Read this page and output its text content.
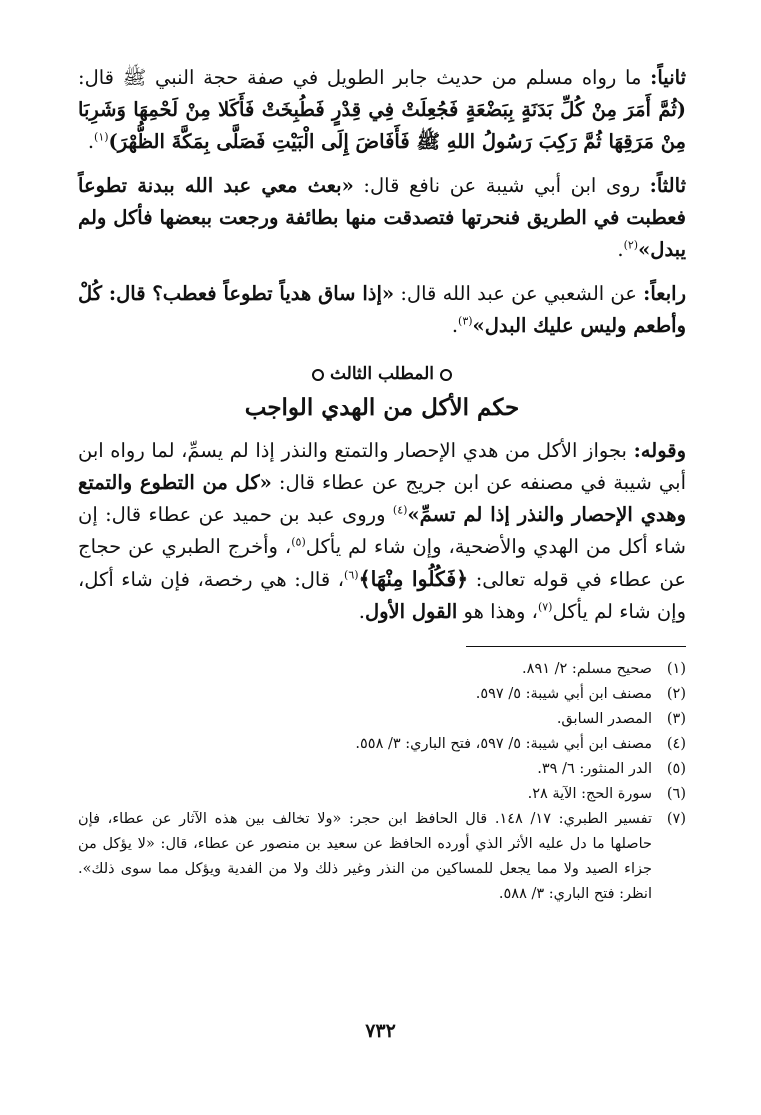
ثانياً: ما رواه مسلم من حديث جابر الطويل في صفة حجة النبي ﷺ قال: (ثُمَّ أَمَرَ مِنْ كُلِّ بَدَنَةٍ بِبَضْعَةٍ فَجُعِلَتْ فِي قِدْرٍ فَطُبِخَتْ فَأَكَلا مِنْ لَحْمِهَا وَشَرِبَا مِنْ مَرَقِهَا ثُمَّ رَكِبَ رَسُولُ اللهِ ﷺ فَأَفَاضَ إِلَى الْبَيْتِ فَصَلَّى بِمَكَّةَ الظُّهْرَ)$^{(١)}$.

ثالثاً: روى ابن أبي شيبة عن نافع قال: «بعث معي عبد الله ببدنة تطوعاً فعطبت في الطريق فنحرتها فتصدقت منها بطائفة ورجعت ببعضها فأكل ولم يبدل»$^{(٢)}$.

رابعاً: عن الشعبي عن عبد الله قال: «إذا ساق هدياً تطوعاً فعطب؟ قال: كُلْ وأطعم وليس عليك البدل»$^{(٣)}$.

المطلب الثالث
حكم الأكل من الهدي الواجب

وقوله: بجواز الأكل من هدي الإحصار والتمتع والنذر إذا لم يسمِّ، لما رواه ابن أبي شيبة في مصنفه عن ابن جريج عن عطاء قال: «كل من التطوع والتمتع وهدي الإحصار والنذر إذا لم تسمِّ»$^{(٤)}$ وروى عبد بن حميد عن عطاء قال: إن شاء أكل من الهدي والأضحية، وإن شاء لم يأكل$^{(٥)}$، وأخرج الطبري عن حجاج عن عطاء في قوله تعالى: ﴿فَكُلُوا مِنْهَا﴾$^{(٦)}$، قال: هي رخصة، فإن شاء أكل، وإن شاء لم يأكل$^{(٧)}$، وهذا هو القول الأول.

(١)
صحيح مسلم: ٢/ ٨٩١.
(٢)
مصنف ابن أبي شيبة: ٥/ ٥٩٧.
(٣)
المصدر السابق.
(٤)
مصنف ابن أبي شيبة: ٥/ ٥٩٧، فتح الباري: ٣/ ٥٥٨.
(٥)
الدر المنثور: ٦/ ٣٩.
(٦)
سورة الحج: الآية ٢٨.
(٧)
تفسير الطبري: ١٧/ ١٤٨. قال الحافظ ابن حجر: «ولا تخالف بين هذه الآثار عن عطاء، فإن حاصلها ما دل عليه الأثر الذي أورده الحافظ عن سعيد بن منصور عن عطاء، قال: «لا يؤكل من جزاء الصيد ولا مما يجعل للمساكين من النذر وغير ذلك ولا من الفدية ويؤكل مما سوى ذلك». انظر: فتح الباري: ٣/ ٥٨٨.
٧٣٢
